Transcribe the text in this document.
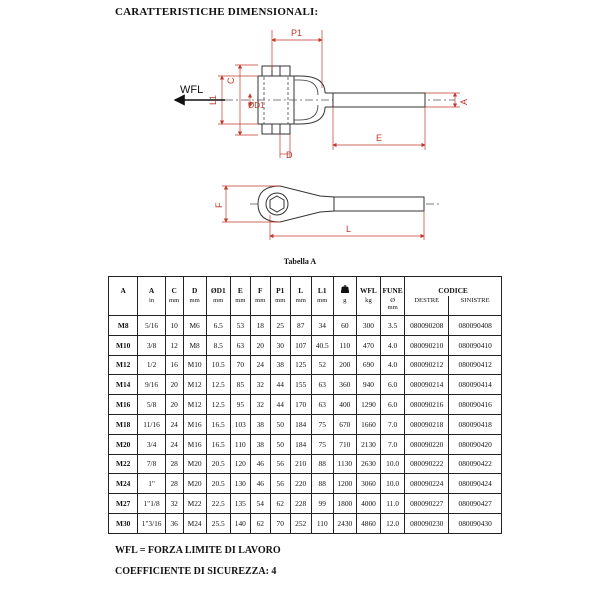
CARATTERISTICHE DIMENSIONALI:
P1
C
L1
ØD1	A
E
D
WFL
F
L
Tabella A
A	A	C	D	ØD1	E	F	P1	L	L1		WFL	FUNE	CODICE	
	in	mm	mm	mm	mm	mm	mm	mm	mm	g	kg	Ø
mm	DESTRE	SINISTRE
M8	5/16	10	M6	6.5	53	18	25	87	34	60	300	3.5	080090208	080090408
M10	3/8	12	M8	8.5	63	20	30	107	40.5	110	470	4.0	080090210	080090410
M12	1/2	16	M10	10.5	70	24	38	125	52	200	690	4.0	080090212	080090412
M14	9/16	20	M12	12.5	85	32	44	155	63	360	940	6.0	080090214	080090414
M16	5/8	20	M12	12.5	95	32	44	170	63	400	1290	6.0	080090216	080090416
M18	11/16	24	M16	16.5	103	38	50	184	75	670	1660	7.0	080090218	080090418
M20	3/4	24	M16	16.5	110	38	50	184	75	710	2130	7.0	080090220	080090420
M22	7/8	28	M20	20.5	120	46	56	210	88	1130	2630	10.0	080090222	080090422
M24	1"	28	M20	20.5	130	46	56	220	88	1200	3060	10.0	080090224	080090424
M27	1"1/8	32	M22	22.5	135	54	62	228	99	1800	4000	11.0	080090227	080090427
M30	1"3/16	36	M24	25.5	140	62	70	252	110	2430	4860	12.0	080090230	080090430
WFL = FORZA LIMITE DI LAVORO
COEFFICIENTE DI SICUREZZA: 4
